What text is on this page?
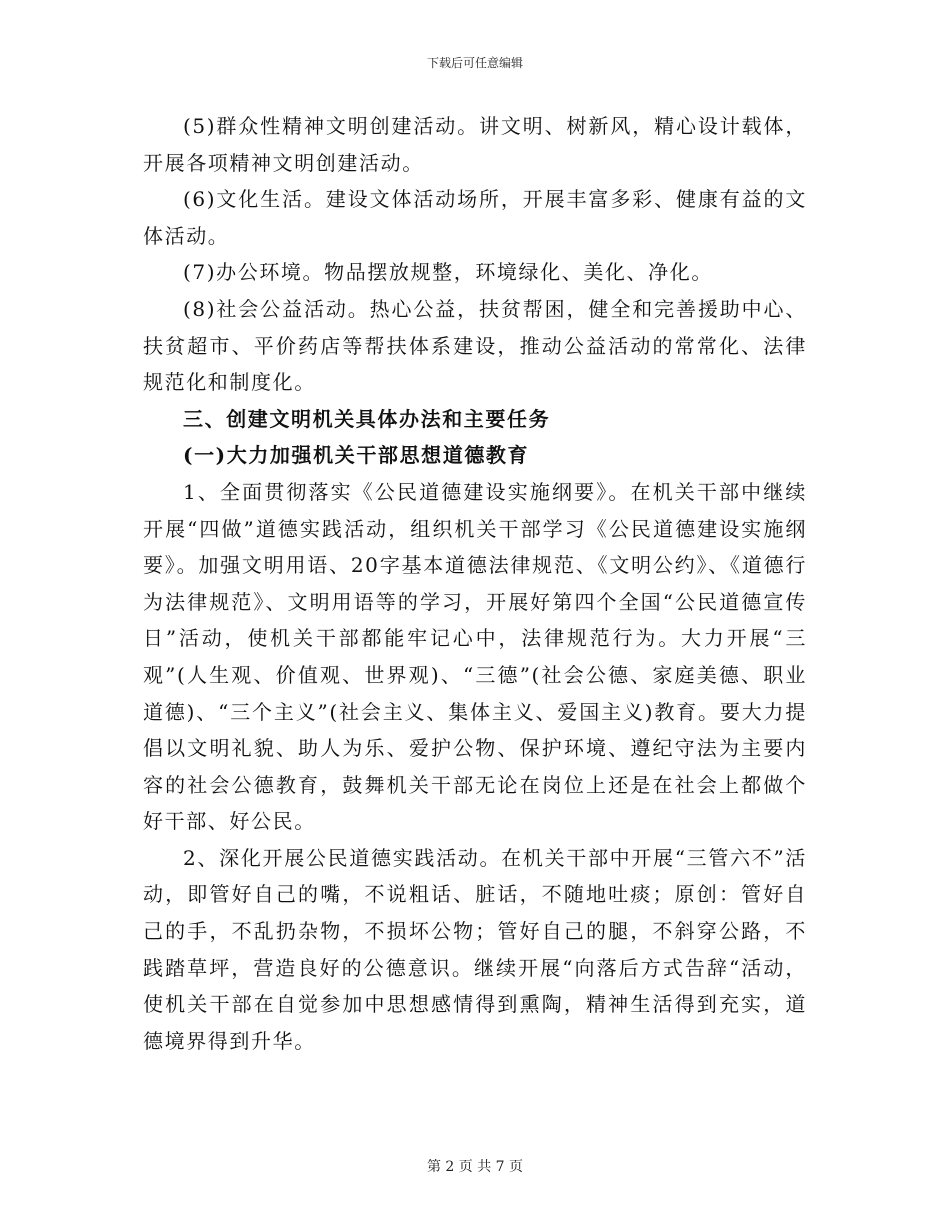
下载后可任意编辑

(5)群众性精神文明创建活动。讲文明、树新风，精心设计载体，开展各项精神文明创建活动。

(6)文化生活。建设文体活动场所，开展丰富多彩、健康有益的文体活动。

(7)办公环境。物品摆放规整，环境绿化、美化、净化。

(8)社会公益活动。热心公益，扶贫帮困，健全和完善援助中心、扶贫超市、平价药店等帮扶体系建设，推动公益活动的常常化、法律规范化和制度化。

三、创建文明机关具体办法和主要任务

(一)大力加强机关干部思想道德教育

1、全面贯彻落实《公民道德建设实施纲要》。在机关干部中继续开展“四做”道德实践活动，组织机关干部学习《公民道德建设实施纲要》。加强文明用语、20字基本道德法律规范、《文明公约》、《道德行为法律规范》、文明用语等的学习，开展好第四个全国“公民道德宣传日”活动，使机关干部都能牢记心中，法律规范行为。大力开展“三观”(人生观、价值观、世界观)、“三德”(社会公德、家庭美德、职业道德)、“三个主义”(社会主义、集体主义、爱国主义)教育。要大力提倡以文明礼貌、助人为乐、爱护公物、保护环境、遵纪守法为主要内容的社会公德教育，鼓舞机关干部无论在岗位上还是在社会上都做个好干部、好公民。

2、深化开展公民道德实践活动。在机关干部中开展“三管六不”活动，即管好自己的嘴，不说粗话、脏话，不随地吐痰；原创：管好自己的手，不乱扔杂物，不损坏公物；管好自己的腿，不斜穿公路，不践踏草坪，营造良好的公德意识。继续开展“向落后方式告辞“活动，使机关干部在自觉参加中思想感情得到熏陶，精神生活得到充实，道德境界得到升华。

第 2 页 共 7 页
